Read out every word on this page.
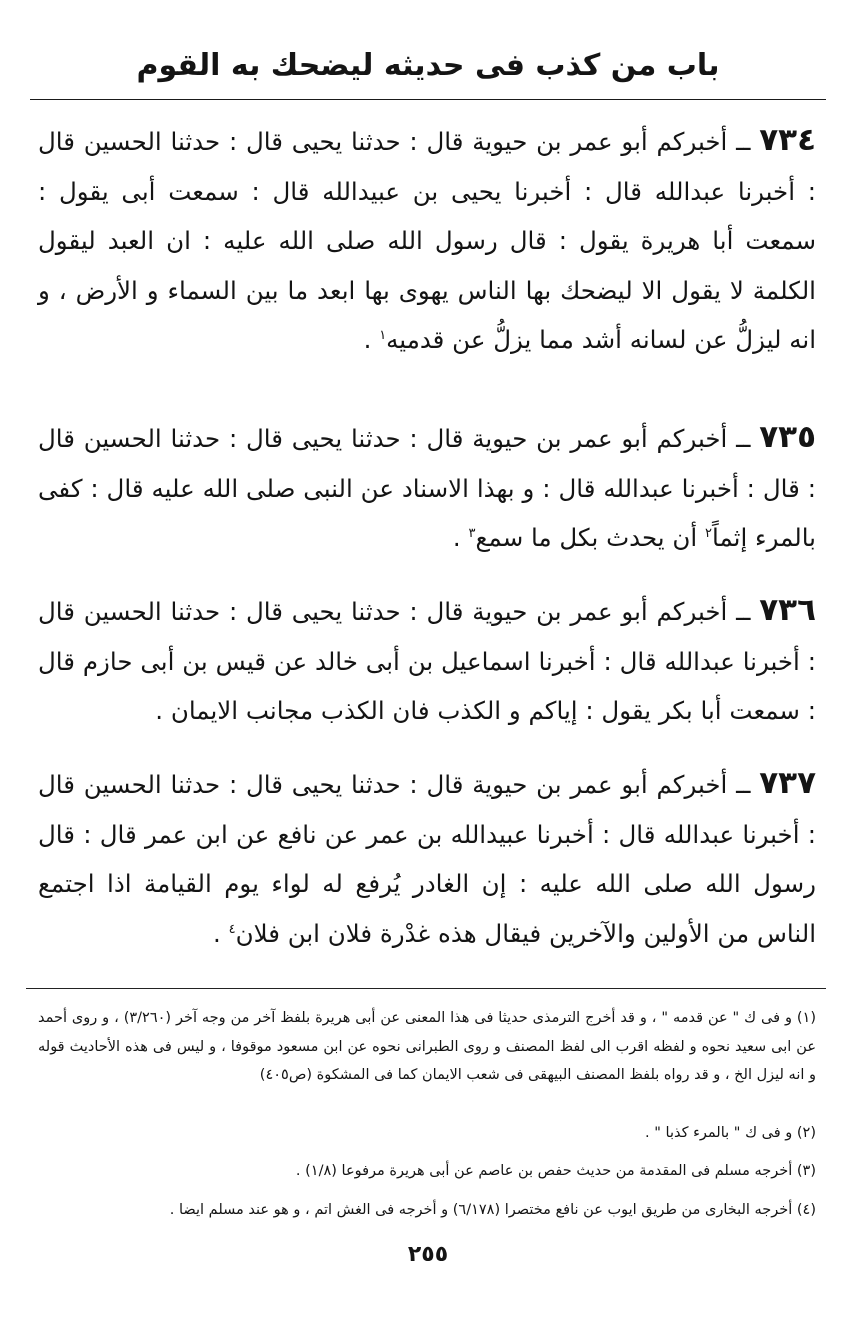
باب من كذب فى حديثه ليضحك به القوم
٧٣٤ ــ أخبركم أبو عمر بن حيوية قال : حدثنا يحيى قال : حدثنا الحسين قال : أخبرنا عبدالله قال : أخبرنا يحيى بن عبيدالله قال : سمعت أبى يقول : سمعت أبا هريرة يقول : قال رسول الله صلى الله عليه : ان العبد ليقول الكلمة لا يقول الا ليضحك بها الناس يهوى بها ابعد ما بين السماء و الأرض ، و انه ليزلُّ عن لسانه أشد مما يزلُّ عن قدميه$^١$ .
٧٣٥ ــ أخبركم أبو عمر بن حيوية قال : حدثنا يحيى قال : حدثنا الحسين قال : قال : أخبرنا عبدالله قال : و بهذا الاسناد عن النبى صلى الله عليه قال : كفى بالمرء إثماً$^٢$ أن يحدث بكل ما سمع$^٣$ .
٧٣٦ ــ أخبركم أبو عمر بن حيوية قال : حدثنا يحيى قال : حدثنا الحسين قال : أخبرنا عبدالله قال : أخبرنا اسماعيل بن أبى خالد عن قيس بن أبى حازم قال : سمعت أبا بكر يقول : إياكم و الكذب فان الكذب مجانب الايمان .
٧٣٧ ــ أخبركم أبو عمر بن حيوية قال : حدثنا يحيى قال : حدثنا الحسين قال : أخبرنا عبدالله قال : أخبرنا عبيدالله بن عمر عن نافع عن ابن عمر قال : قال رسول الله صلى الله عليه : إن الغادر يُرفع له لواء يوم القيامة اذا اجتمع الناس من الأولين والآخرين فيقال هذه غدْرة فلان ابن فلان$^٤$ .
(١) و فى ك " عن قدمه " ، و قد أخرج الترمذى حديثا فى هذا المعنى عن أبى هريرة بلفظ آخر من وجه آخر (٣/٢٦٠) ، و روى أحمد عن ابى سعيد نحوه و لفظه اقرب الى لفظ المصنف و روى الطبرانى نحوه عن ابن مسعود موقوفا ، و ليس فى هذه الأحاديث قوله و انه ليزل الخ ، و قد رواه بلفظ المصنف البيهقى فى شعب الايمان كما فى المشكوة (ص٤٠٥)
(٢) و فى ك " بالمرء كذبا " .
(٣) أخرجه مسلم فى المقدمة من حديث حفص بن عاصم عن أبى هريرة مرفوعا (١/٨) .
(٤) أخرجه البخارى من طريق ايوب عن نافع مختصرا (٦/١٧٨) و أخرجه فى الغش اتم ، و هو عند مسلم ايضا .
٢٥٥
